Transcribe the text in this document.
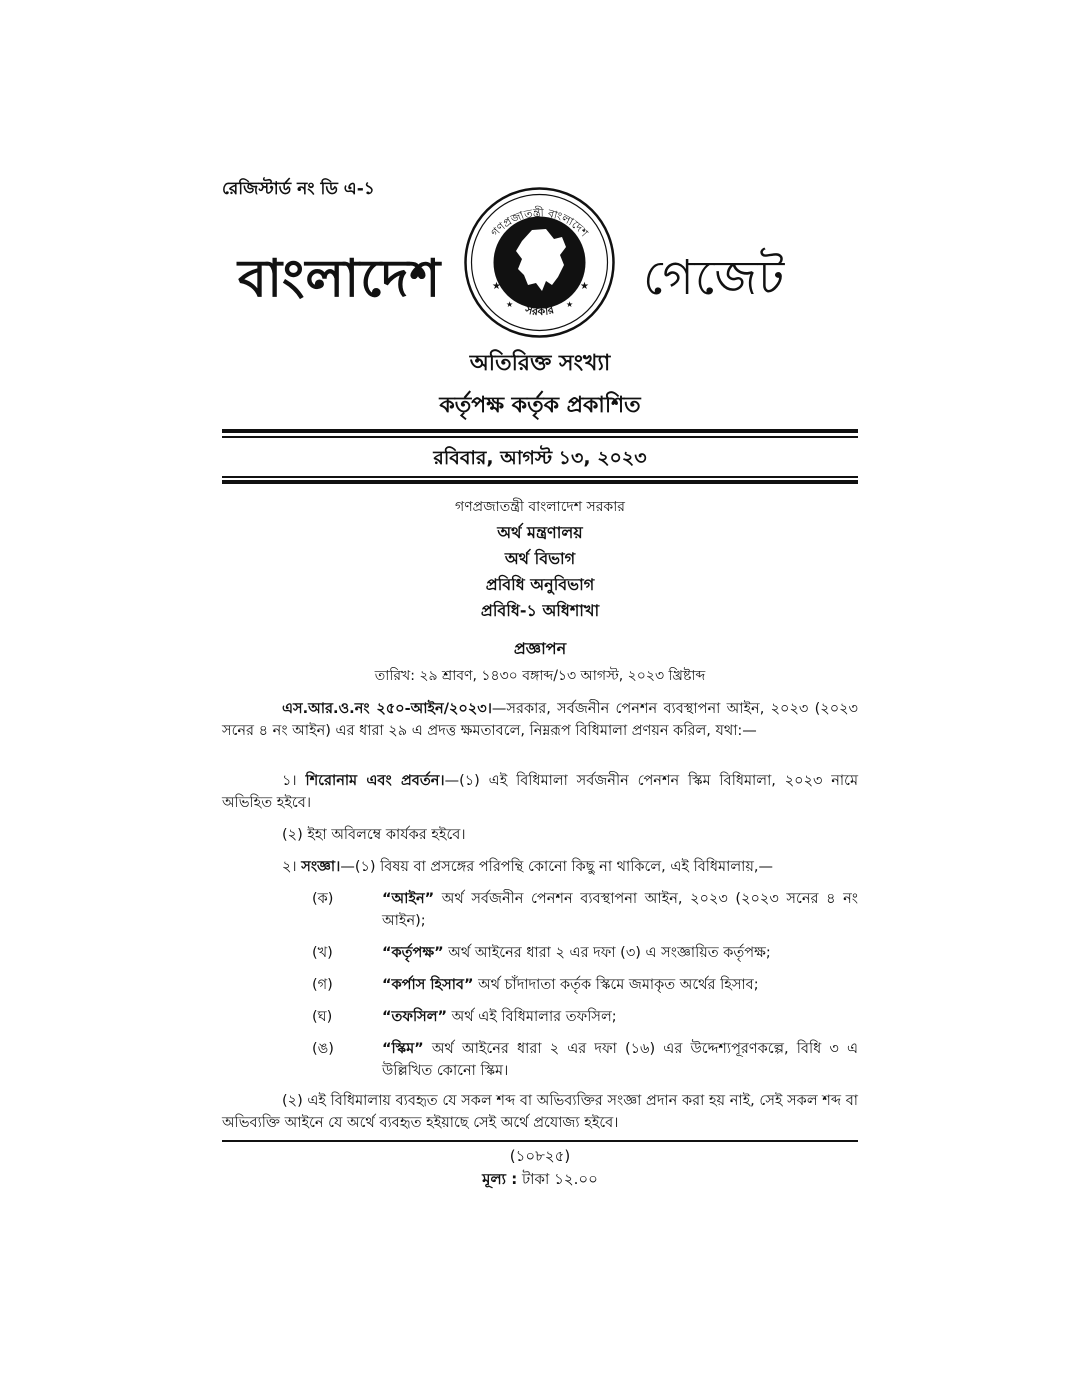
রেজিস্টার্ড নং ডি এ-১
বাংলাদেশ
গণপ্রজাতন্ত্রী বাংলাদেশ
সরকার
★	★
★	★ গেজেট
অতিরিক্ত সংখ্যা
কর্তৃপক্ষ কর্তৃক প্রকাশিত
রবিবার, আগস্ট ১৩, ২০২৩
গণপ্রজাতন্ত্রী বাংলাদেশ সরকার
অর্থ মন্ত্রণালয়
অর্থ বিভাগ
প্রবিধি অনুবিভাগ
প্রবিধি-১ অধিশাখা
প্রজ্ঞাপন
তারিখ: ২৯ শ্রাবণ, ১৪৩০ বঙ্গাব্দ/১৩ আগস্ট, ২০২৩ খ্রিষ্টাব্দ
এস.আর.ও.নং ২৫০-আইন/২০২৩।—সরকার, সর্বজনীন পেনশন ব্যবস্থাপনা আইন, ২০২৩ (২০২৩ সনের ৪ নং আইন) এর ধারা ২৯ এ প্রদত্ত ক্ষমতাবলে, নিম্নরূপ বিধিমালা প্রণয়ন করিল, যথা:—
১। শিরোনাম এবং প্রবর্তন।—(১) এই বিধিমালা সর্বজনীন পেনশন স্কিম বিধিমালা, ২০২৩ নামে অভিহিত হইবে।
(২) ইহা অবিলম্বে কার্যকর হইবে।
২। সংজ্ঞা।—(১) বিষয় বা প্রসঙ্গের পরিপন্থি কোনো কিছু না থাকিলে, এই বিধিমালায়,—
(ক)	“আইন” অর্থ সর্বজনীন পেনশন ব্যবস্থাপনা আইন, ২০২৩ (২০২৩ সনের ৪ নং আইন);
(খ)	“কর্তৃপক্ষ” অর্থ আইনের ধারা ২ এর দফা (৩) এ সংজ্ঞায়িত কর্তৃপক্ষ;
(গ)	“কর্পাস হিসাব” অর্থ চাঁদাদাতা কর্তৃক স্কিমে জমাকৃত অর্থের হিসাব;
(ঘ)	“তফসিল” অর্থ এই বিধিমালার তফসিল;
(ঙ)	“স্কিম” অর্থ আইনের ধারা ২ এর দফা (১৬) এর উদ্দেশ্যপূরণকল্পে, বিধি ৩ এ উল্লিখিত কোনো স্কিম।
(২) এই বিধিমালায় ব্যবহৃত যে সকল শব্দ বা অভিব্যক্তির সংজ্ঞা প্রদান করা হয় নাই, সেই সকল শব্দ বা অভিব্যক্তি আইনে যে অর্থে ব্যবহৃত হইয়াছে সেই অর্থে প্রযোজ্য হইবে।
(১০৮২৫)
মূল্য : টাকা ১২.০০
